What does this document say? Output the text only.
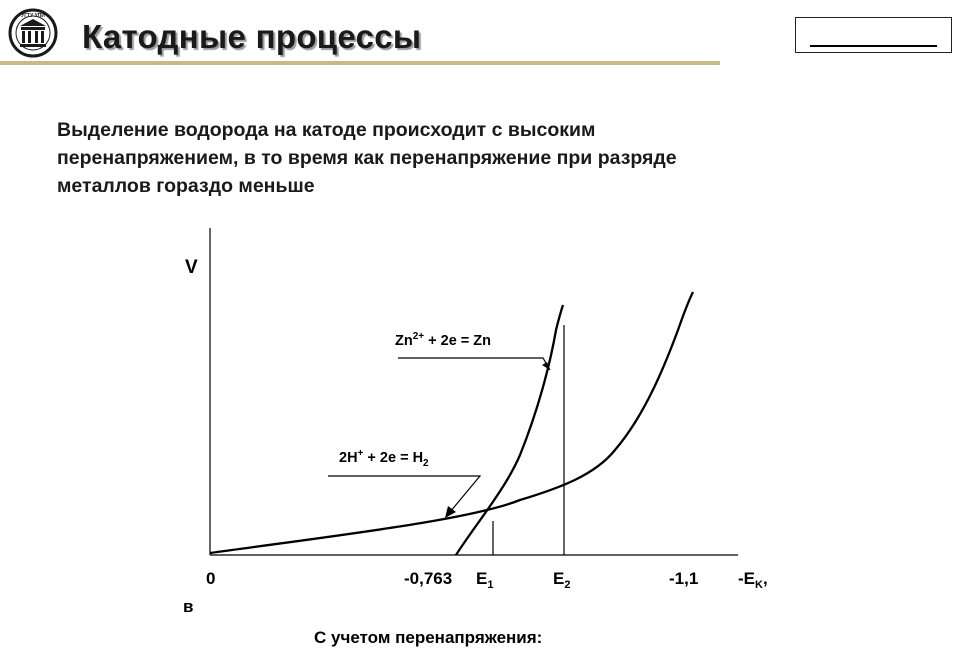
УГТУ УПИ
Катодные процессы

Выделение водорода на катоде происходит с высоким
перенапряжением, в то время как перенапряжение при разряде
металлов гораздо меньше

V
$Zn^{2+} + 2e = Zn$
$2H^+ + 2e = H_2$
0	-0,763 $E_1$	$E_2$	-1,1 $-E_K$,
в

С учетом перенапряжения:
